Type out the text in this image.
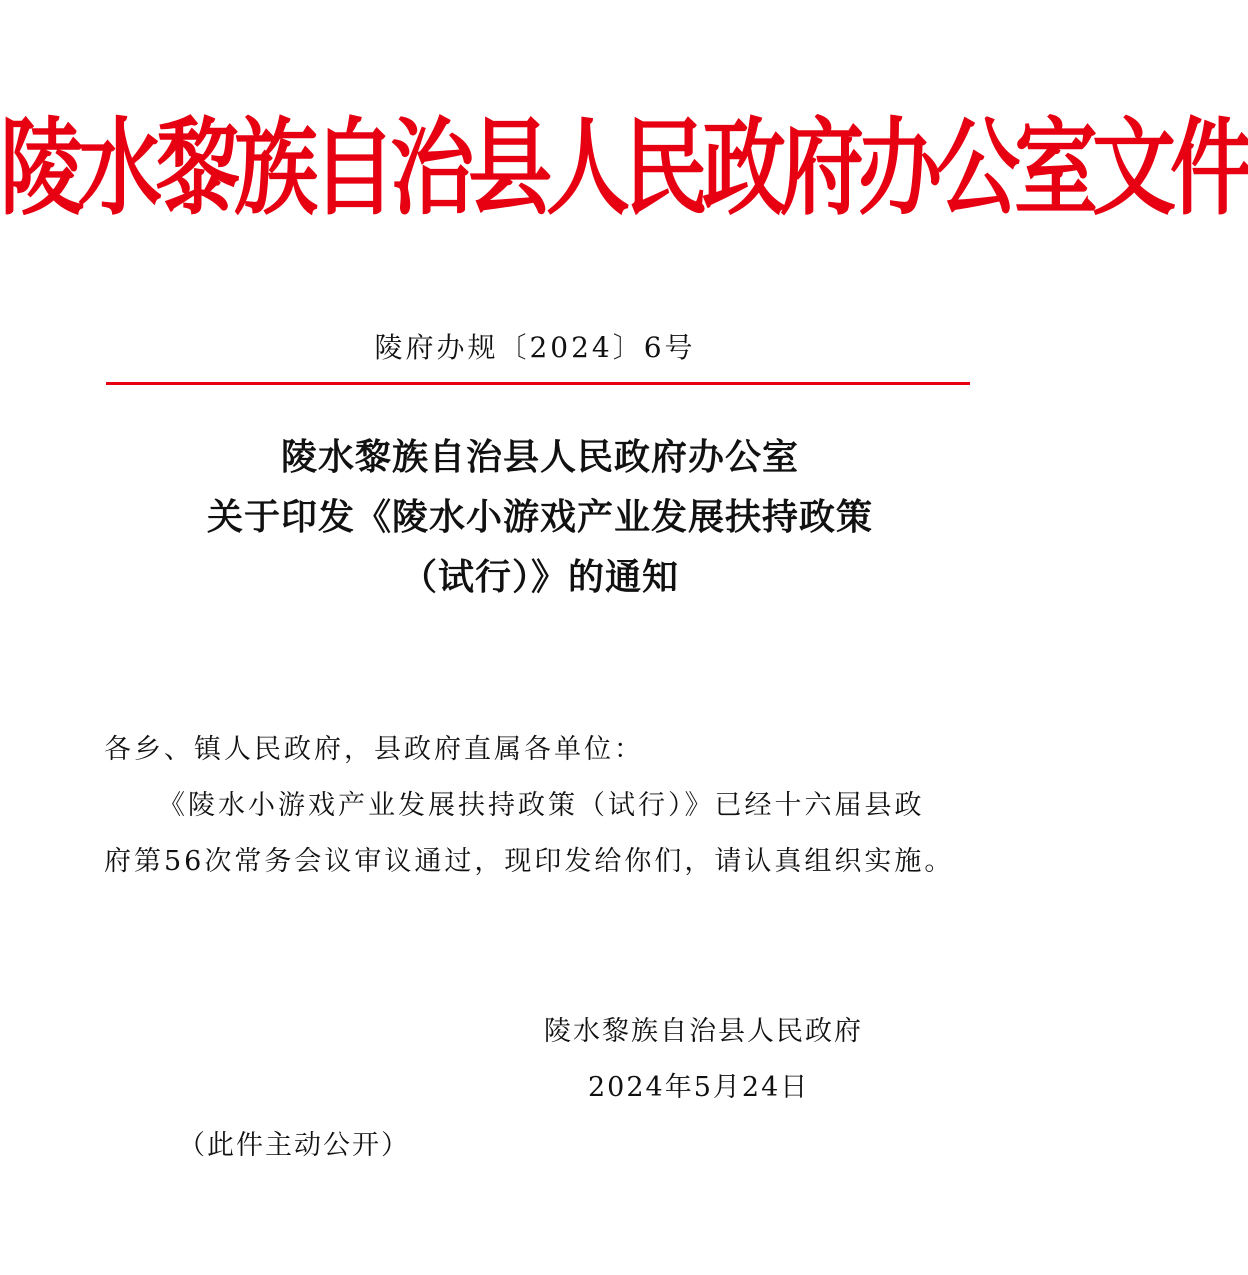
陵水黎族自治县人民政府办公室文件
陵府办规〔2024〕6号
陵水黎族自治县人民政府办公室
关于印发《陵水小游戏产业发展扶持政策
（试行）》的通知
各乡、镇人民政府，县政府直属各单位：
《陵水小游戏产业发展扶持政策（试行）》已经十六届县政
府第56次常务会议审议通过，现印发给你们，请认真组织实施。
陵水黎族自治县人民政府
2024年5月24日
（此件主动公开）
